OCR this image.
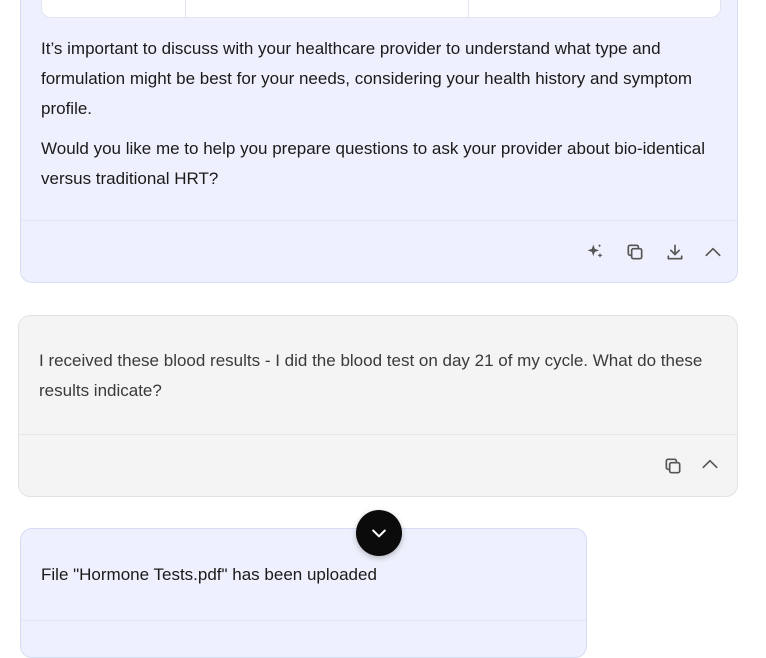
It’s important to discuss with your healthcare provider to understand what type and formulation might be best for your needs, considering your health history and symptom profile.

Would you like me to help you prepare questions to ask your provider about bio-identical versus traditional HRT?

I received these blood results - I did the blood test on day 21 of my cycle. What do these results indicate?

File "Hormone Tests.pdf" has been uploaded
